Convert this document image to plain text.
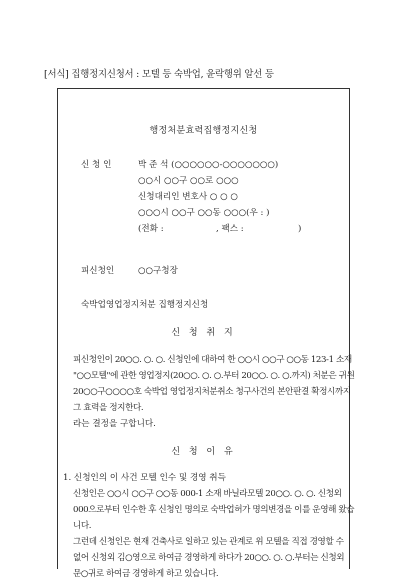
[서식] 집행정지신청서 : 모텔 등 숙박업, 윤락행위 알선 등
행정처분효력집행정지신청
신 청 인	박 준 석 (○○○○○○-○○○○○○○)
○○시 ○○구 ○○로 ○○○
신청대리인 변호사 ○ ○ ○
○○○시 ○○구 ○○동 ○○○(우 : )
(전화 :	, 팩스 :	)
피신청인	○○구청장
숙박업영업정지처분 집행정지신청
신 청 취 지
피신청인이 20○○. ○. ○. 신청인에 대하여 한 ○○시 ○○구 ○○동 123-1 소재
"○○모텔"에 관한 영업정지(20○○. ○. ○.부터 20○○. ○. ○.까지) 처분은 귀원
20○○구○○○○호 숙박업 영업정지처분취소 청구사건의 본안판결 확정시까지
그 효력을 정지한다.
라는 결정을 구합니다.
신 청 이 유
1. 신청인의 이 사건 모텔 인수 및 경영 취득
신청인은 ○○시 ○○구 ○○동 000-1 소재 바닐라모텔 20○○. ○. ○. 신청외
000으로부터 인수한 후 신청인 명의로 숙박업허가 명의변경을 이를 운영해 왔습
니다.
그런데 신청인은 현재 건축사로 일하고 있는 관계로 위 모텔을 직접 경영할 수
없어 신청외 김○영으로 하여금 경영하게 하다가 20○○. ○. ○.부터는 신청외
문○귀로 하여금 경영하게 하고 있습니다.
